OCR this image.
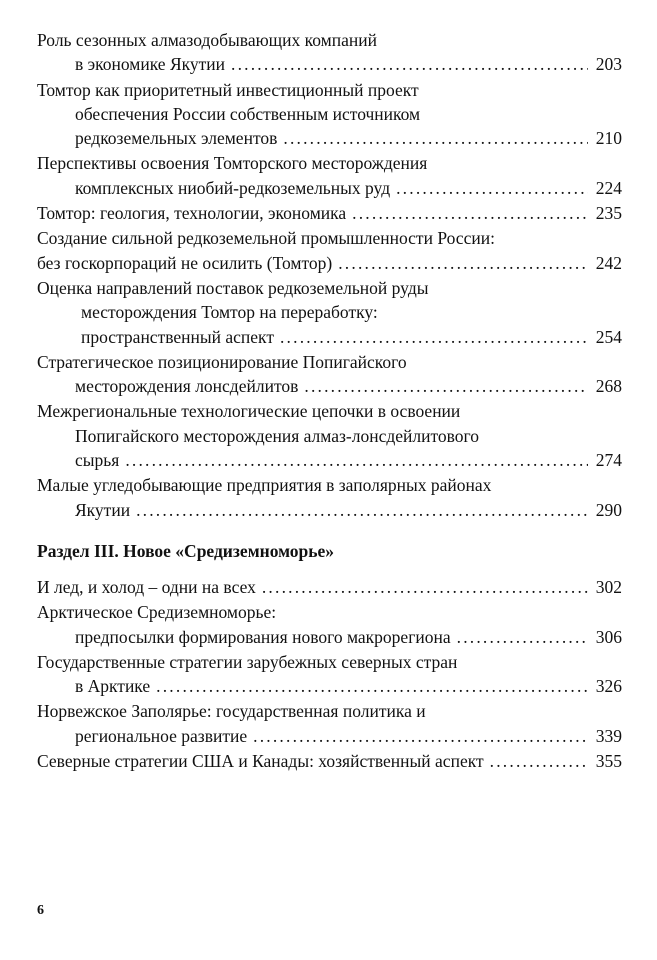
Роль сезонных алмазодобывающих компаний
в экономике Якутии .....	203
Томтор как приоритетный инвестиционный проект
обеспечения России собственным источником
редкоземельных элементов .....	210
Перспективы освоения Томторского месторождения
комплексных ниобий-редкоземельных руд .....	224
Томтор: геология, технологии, экономика .....	235
Создание сильной редкоземельной промышленности России:
без госкорпораций не осилить (Томтор) .....	242
Оценка направлений поставок редкоземельной руды
месторождения Томтор на переработку:
пространственный аспект .....	254
Стратегическое позиционирование Попигайского
месторождения лонсдейлитов .....	268
Межрегиональные технологические цепочки в освоении
Попигайского месторождения алмаз-лонсдейлитового
сырья .....	274
Малые угледобывающие предприятия в заполярных районах
Якутии .....	290
Раздел III. Новое «Средиземноморье»
И лед, и холод – одни на всех .....	302
Арктическое Средиземноморье:
предпосылки формирования нового макрорегиона .....	306
Государственные стратегии зарубежных северных стран
в Арктике .....	326
Норвежское Заполярье: государственная политика и
региональное развитие .....	339
Северные стратегии США и Канады: хозяйственный аспект .....	355
6
